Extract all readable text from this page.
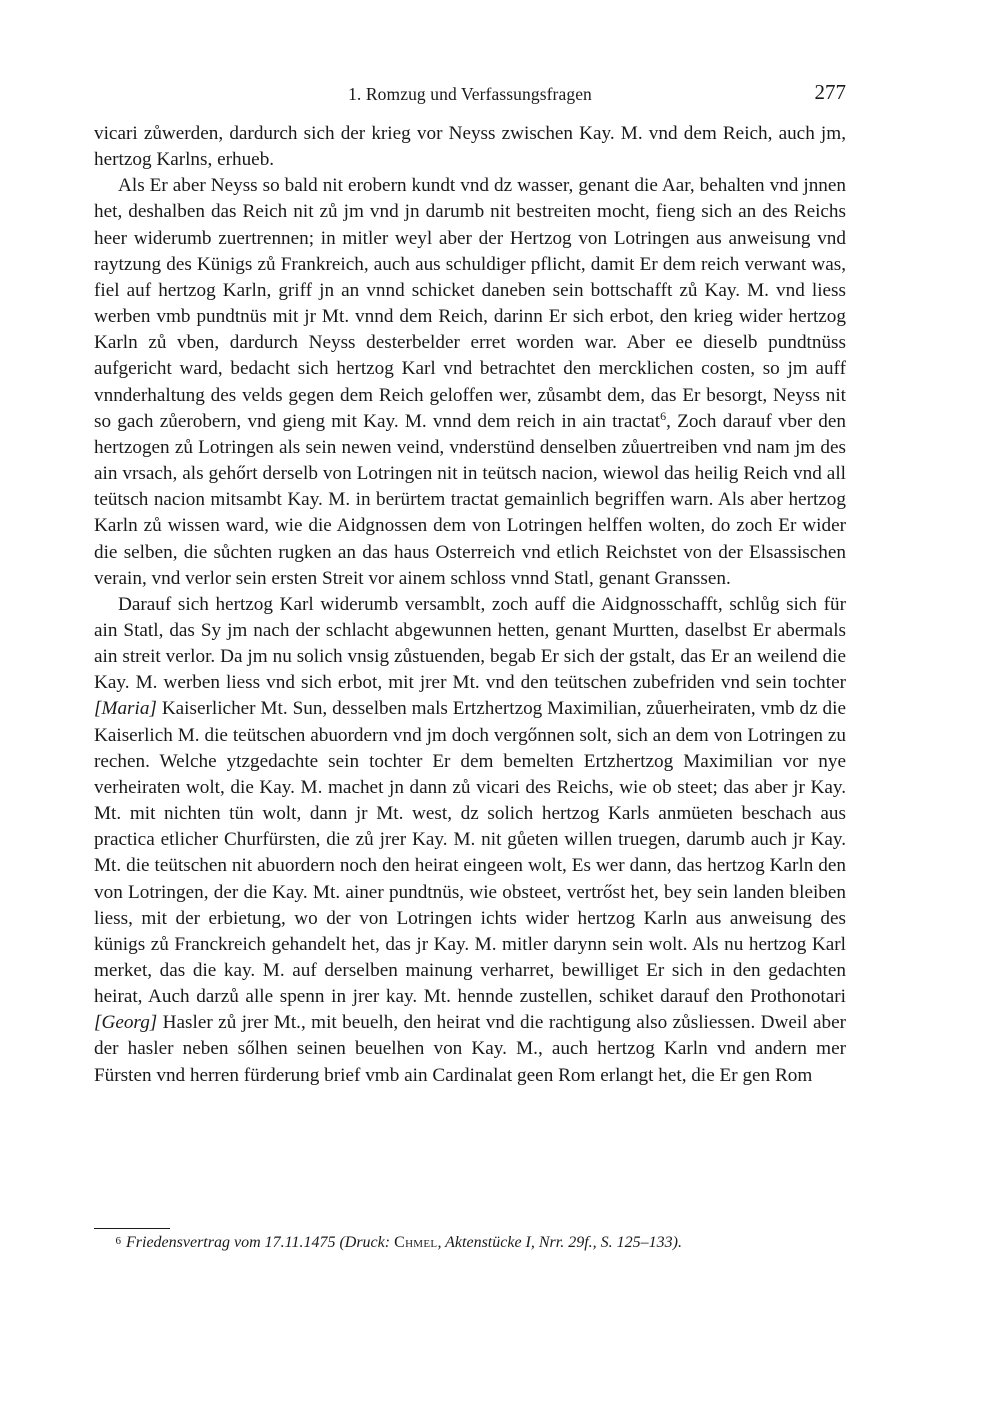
1. Romzug und Verfassungsfragen	277

vicari zůwerden, dardurch sich der krieg vor Neyss zwischen Kay. M. vnd dem Reich, auch jm, hertzog Karlns, erhueb.

Als Er aber Neyss so bald nit erobern kundt vnd dz wasser, genant die Aar, behalten vnd jnnen het, deshalben das Reich nit zů jm vnd jn darumb nit bestreiten mocht, fieng sich an des Reichs heer widerumb zuertrennen; in mitler weyl aber der Hertzog von Lotringen aus anweisung vnd raytzung des Künigs zů Frankreich, auch aus schuldiger pflicht, damit Er dem reich verwant was, fiel auf hertzog Karln, griff jn an vnnd schicket daneben sein bottschafft zů Kay. M. vnd liess werben vmb pundtnüs mit jr Mt. vnnd dem Reich, darinn Er sich erbot, den krieg wider hertzog Karln zů vben, dardurch Neyss desterbelder erret worden war. Aber ee dieselb pundtnüss aufgericht ward, bedacht sich hertzog Karl vnd betrachtet den mercklichen costen, so jm auff vnnderhaltung des velds gegen dem Reich geloffen wer, zůsambt dem, das Er besorgt, Neyss nit so gach zůerobern, vnd gieng mit Kay. M. vnnd dem reich in ain tractat$^6$, Zoch darauf vber den hertzogen zů Lotringen als sein newen veind, vnderstünd denselben zůuertreiben vnd nam jm des ain vrsach, als gehőrt derselb von Lotringen nit in teütsch nacion, wiewol das heilig Reich vnd all teütsch nacion mitsambt Kay. M. in berürtem tractat gemainlich begriffen warn. Als aber hertzog Karln zů wissen ward, wie die Aidgnossen dem von Lotringen helffen wolten, do zoch Er wider die selben, die sůchten rugken an das haus Osterreich vnd etlich Reichstet von der Elsassischen verain, vnd verlor sein ersten Streit vor ainem schloss vnnd Statl, genant Granssen.

Darauf sich hertzog Karl widerumb versamblt, zoch auff die Aidgnosschafft, schlůg sich für ain Statl, das Sy jm nach der schlacht abgewunnen hetten, genant Murtten, daselbst Er abermals ain streit verlor. Da jm nu solich vnsig zůstuenden, begab Er sich der gstalt, das Er an weilend die Kay. M. werben liess vnd sich erbot, mit jrer Mt. vnd den teütschen zubefriden vnd sein tochter [Maria] Kaiserlicher Mt. Sun, desselben mals Ertzhertzog Maximilian, zůuerheiraten, vmb dz die Kaiserlich M. die teütschen abuordern vnd jm doch vergőnnen solt, sich an dem von Lotringen zu rechen. Welche ytzgedachte sein tochter Er dem bemelten Ertzhertzog Maximilian vor nye verheiraten wolt, die Kay. M. machet jn dann zů vicari des Reichs, wie ob steet; das aber jr Kay. Mt. mit nichten tün wolt, dann jr Mt. west, dz solich hertzog Karls anmüeten beschach aus practica etlicher Churfürsten, die zů jrer Kay. M. nit gůeten willen truegen, darumb auch jr Kay. Mt. die teütschen nit abuordern noch den heirat eingeen wolt, Es wer dann, das hertzog Karln den von Lotringen, der die Kay. Mt. ainer pundtnüs, wie obsteet, vertrőst het, bey sein landen bleiben liess, mit der erbietung, wo der von Lotringen ichts wider hertzog Karln aus anweisung des künigs zů Franckreich gehandelt het, das jr Kay. M. mitler darynn sein wolt. Als nu hertzog Karl merket, das die kay. M. auf derselben mainung verharret, bewilliget Er sich in den gedachten heirat, Auch darzů alle spenn in jrer kay. Mt. hennde zustellen, schiket darauf den Prothonotari [Georg] Hasler zů jrer Mt., mit beuelh, den heirat vnd die rachtigung also zůsliessen. Dweil aber der hasler neben sőlhen seinen beuelhen von Kay. M., auch hertzog Karln vnd andern mer Fürsten vnd herren fürderung brief vmb ain Cardinalat geen Rom erlangt het, die Er gen Rom

6 Friedensvertrag vom 17.11.1475 (Druck: Chmel, Aktenstücke I, Nrr. 29f., S. 125–133).
